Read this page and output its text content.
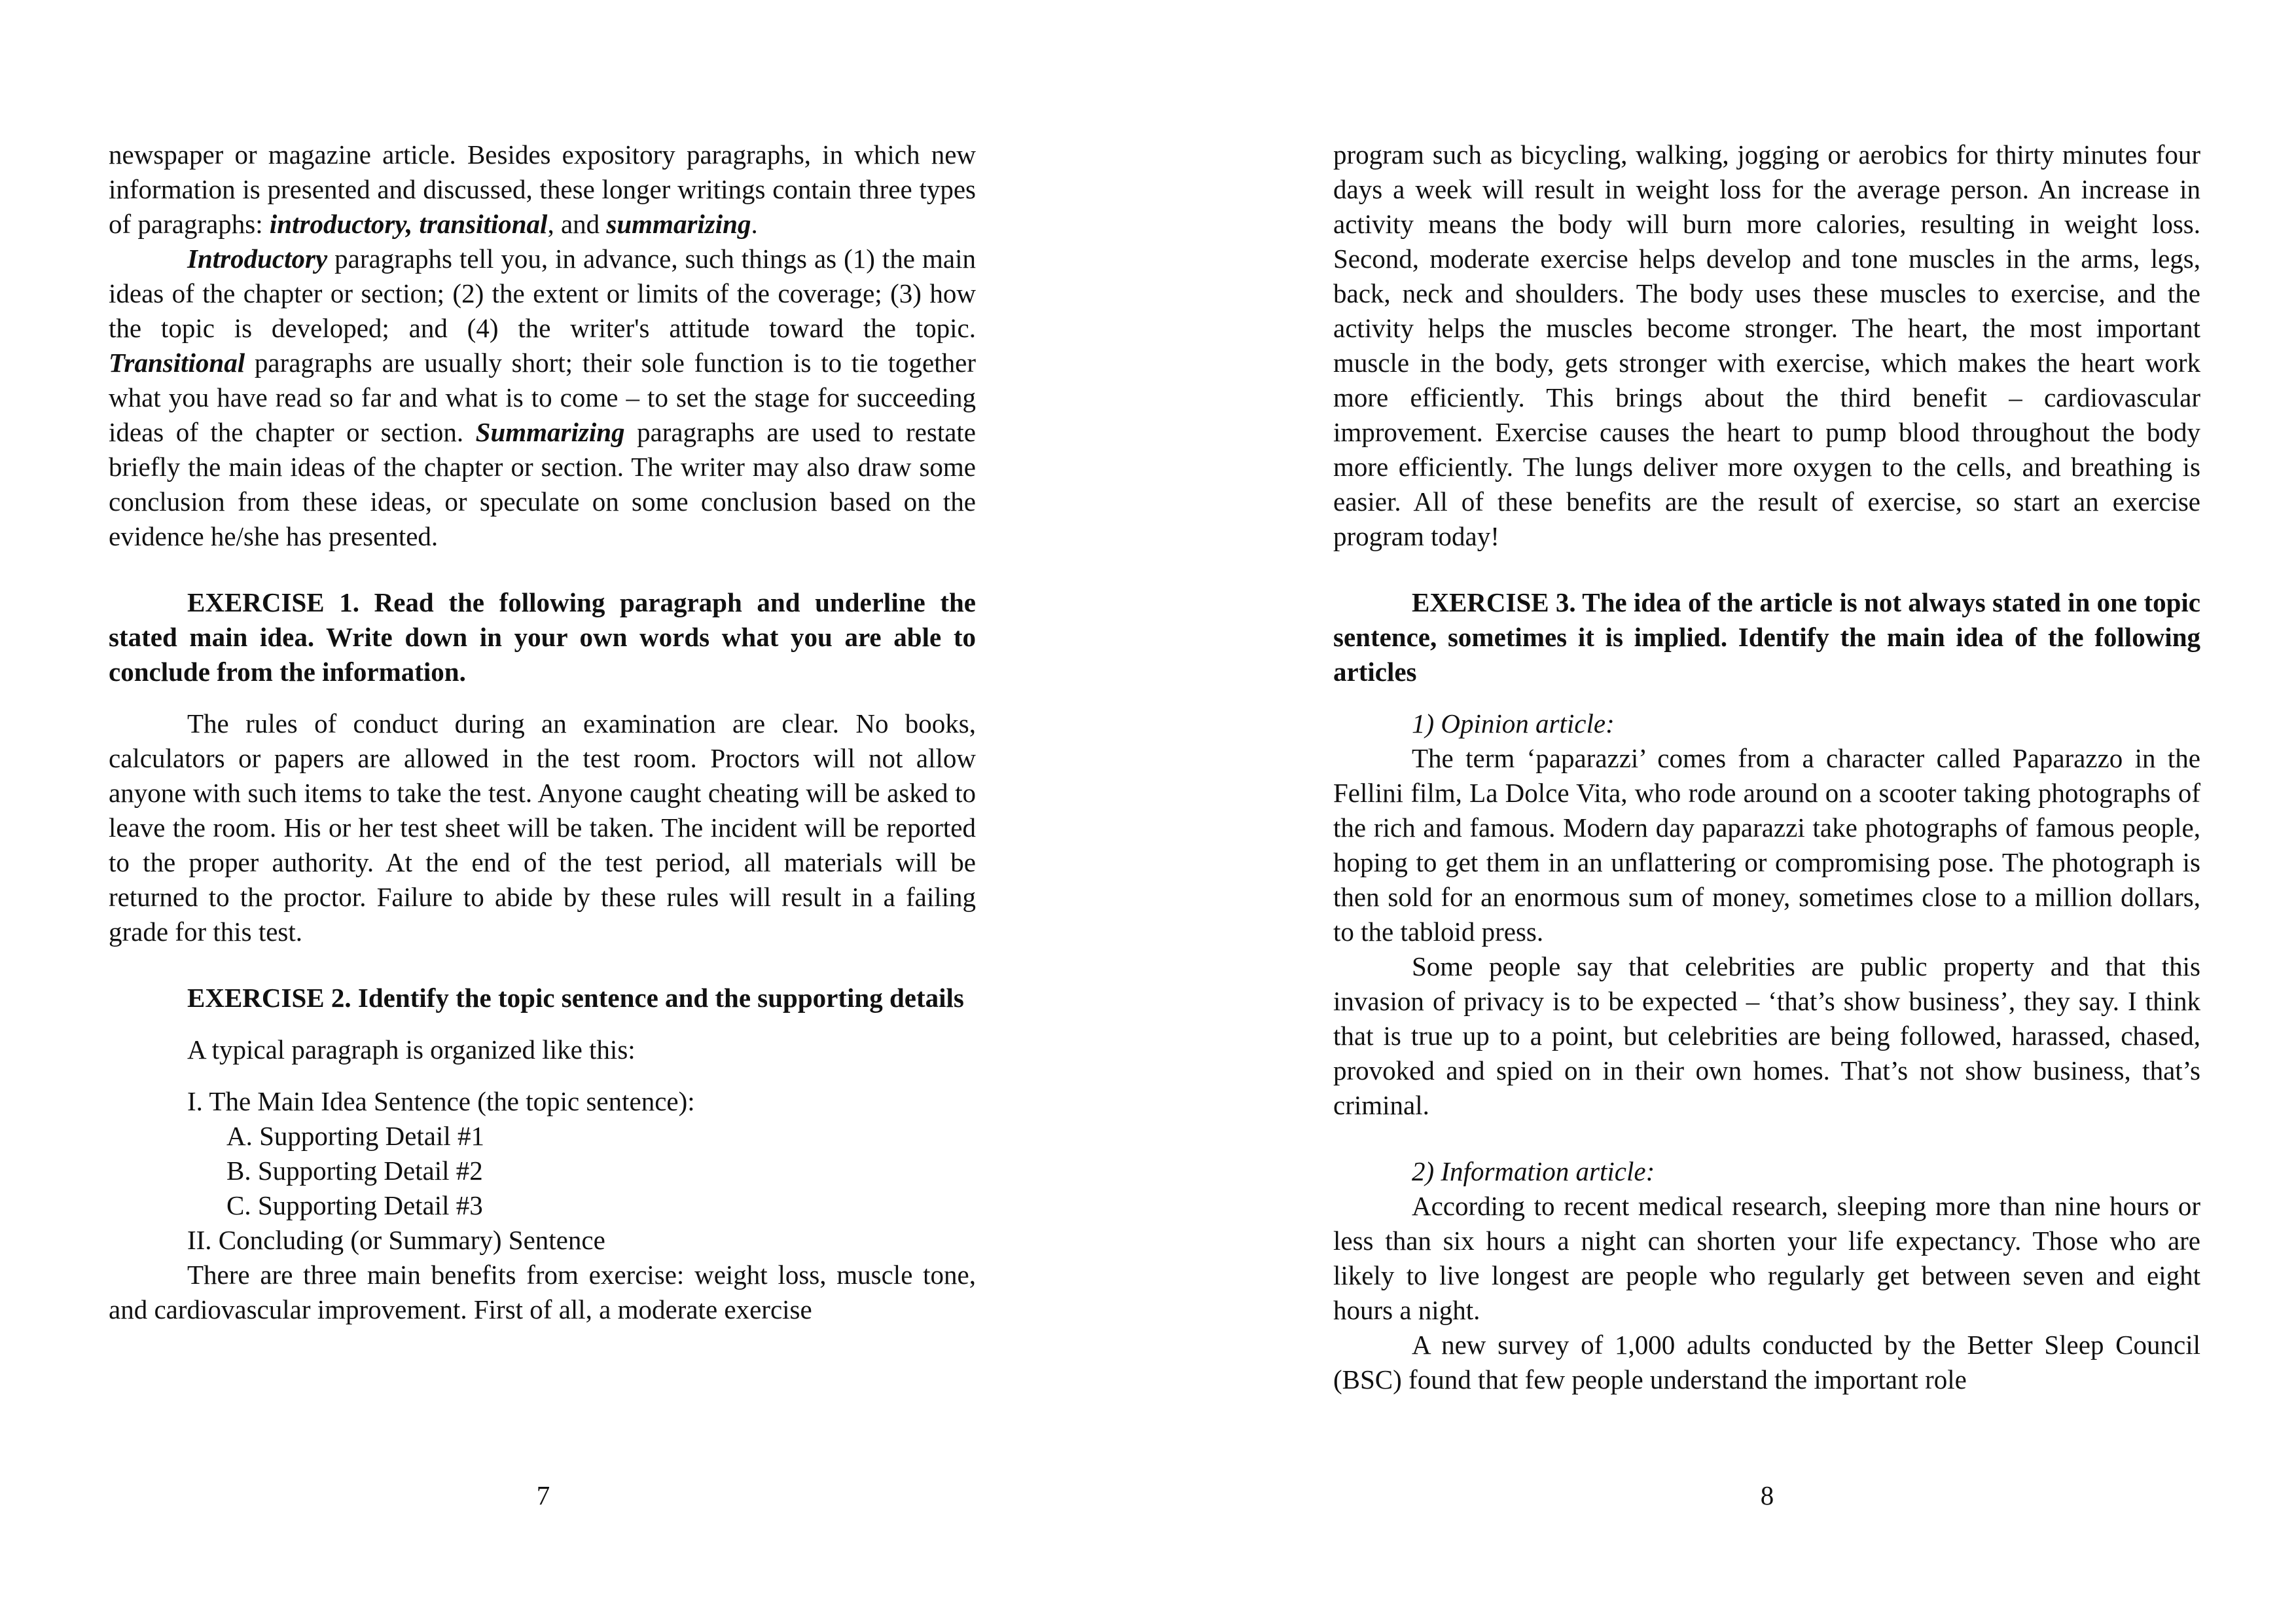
newspaper or magazine article. Besides expository paragraphs, in which new information is presented and discussed, these longer writings contain three types of paragraphs: introductory, transitional, and summarizing.

Introductory paragraphs tell you, in advance, such things as (1) the main ideas of the chapter or section; (2) the extent or limits of the coverage; (3) how the topic is developed; and (4) the writer's attitude toward the topic. Transitional paragraphs are usually short; their sole function is to tie together what you have read so far and what is to come – to set the stage for succeeding ideas of the chapter or section. Summarizing paragraphs are used to restate briefly the main ideas of the chapter or section. The writer may also draw some conclusion from these ideas, or speculate on some conclusion based on the evidence he/she has presented.

EXERCISE 1. Read the following paragraph and underline the stated main idea. Write down in your own words what you are able to conclude from the information.

The rules of conduct during an examination are clear. No books, calculators or papers are allowed in the test room. Proctors will not allow anyone with such items to take the test. Anyone caught cheating will be asked to leave the room. His or her test sheet will be taken. The incident will be reported to the proper authority. At the end of the test period, all materials will be returned to the proctor. Failure to abide by these rules will result in a failing grade for this test.

EXERCISE 2. Identify the topic sentence and the supporting details

A typical paragraph is organized like this:

I. The Main Idea Sentence (the topic sentence):
A. Supporting Detail #1
B. Supporting Detail #2
C. Supporting Detail #3
II. Concluding (or Summary) Sentence

There are three main benefits from exercise: weight loss, muscle tone, and cardiovascular improvement. First of all, a moderate exercise

7

program such as bicycling, walking, jogging or aerobics for thirty minutes four days a week will result in weight loss for the average person. An increase in activity means the body will burn more calories, resulting in weight loss. Second, moderate exercise helps develop and tone muscles in the arms, legs, back, neck and shoulders. The body uses these muscles to exercise, and the activity helps the muscles become stronger. The heart, the most important muscle in the body, gets stronger with exercise, which makes the heart work more efficiently. This brings about the third benefit – cardiovascular improvement. Exercise causes the heart to pump blood throughout the body more efficiently. The lungs deliver more oxygen to the cells, and breathing is easier. All of these benefits are the result of exercise, so start an exercise program today!

EXERCISE 3. The idea of the article is not always stated in one topic sentence, sometimes it is implied. Identify the main idea of the following articles

1) Opinion article:

The term ‘paparazzi’ comes from a character called Paparazzo in the Fellini film, La Dolce Vita, who rode around on a scooter taking photographs of the rich and famous. Modern day paparazzi take photographs of famous people, hoping to get them in an unflattering or compromising pose. The photograph is then sold for an enormous sum of money, sometimes close to a million dollars, to the tabloid press.

Some people say that celebrities are public property and that this invasion of privacy is to be expected – ‘that’s show business’, they say. I think that is true up to a point, but celebrities are being followed, harassed, chased, provoked and spied on in their own homes. That’s not show business, that’s criminal.

2) Information article:

According to recent medical research, sleeping more than nine hours or less than six hours a night can shorten your life expectancy. Those who are likely to live longest are people who regularly get between seven and eight hours a night.

A new survey of 1,000 adults conducted by the Better Sleep Council (BSC) found that few people understand the important role

8
